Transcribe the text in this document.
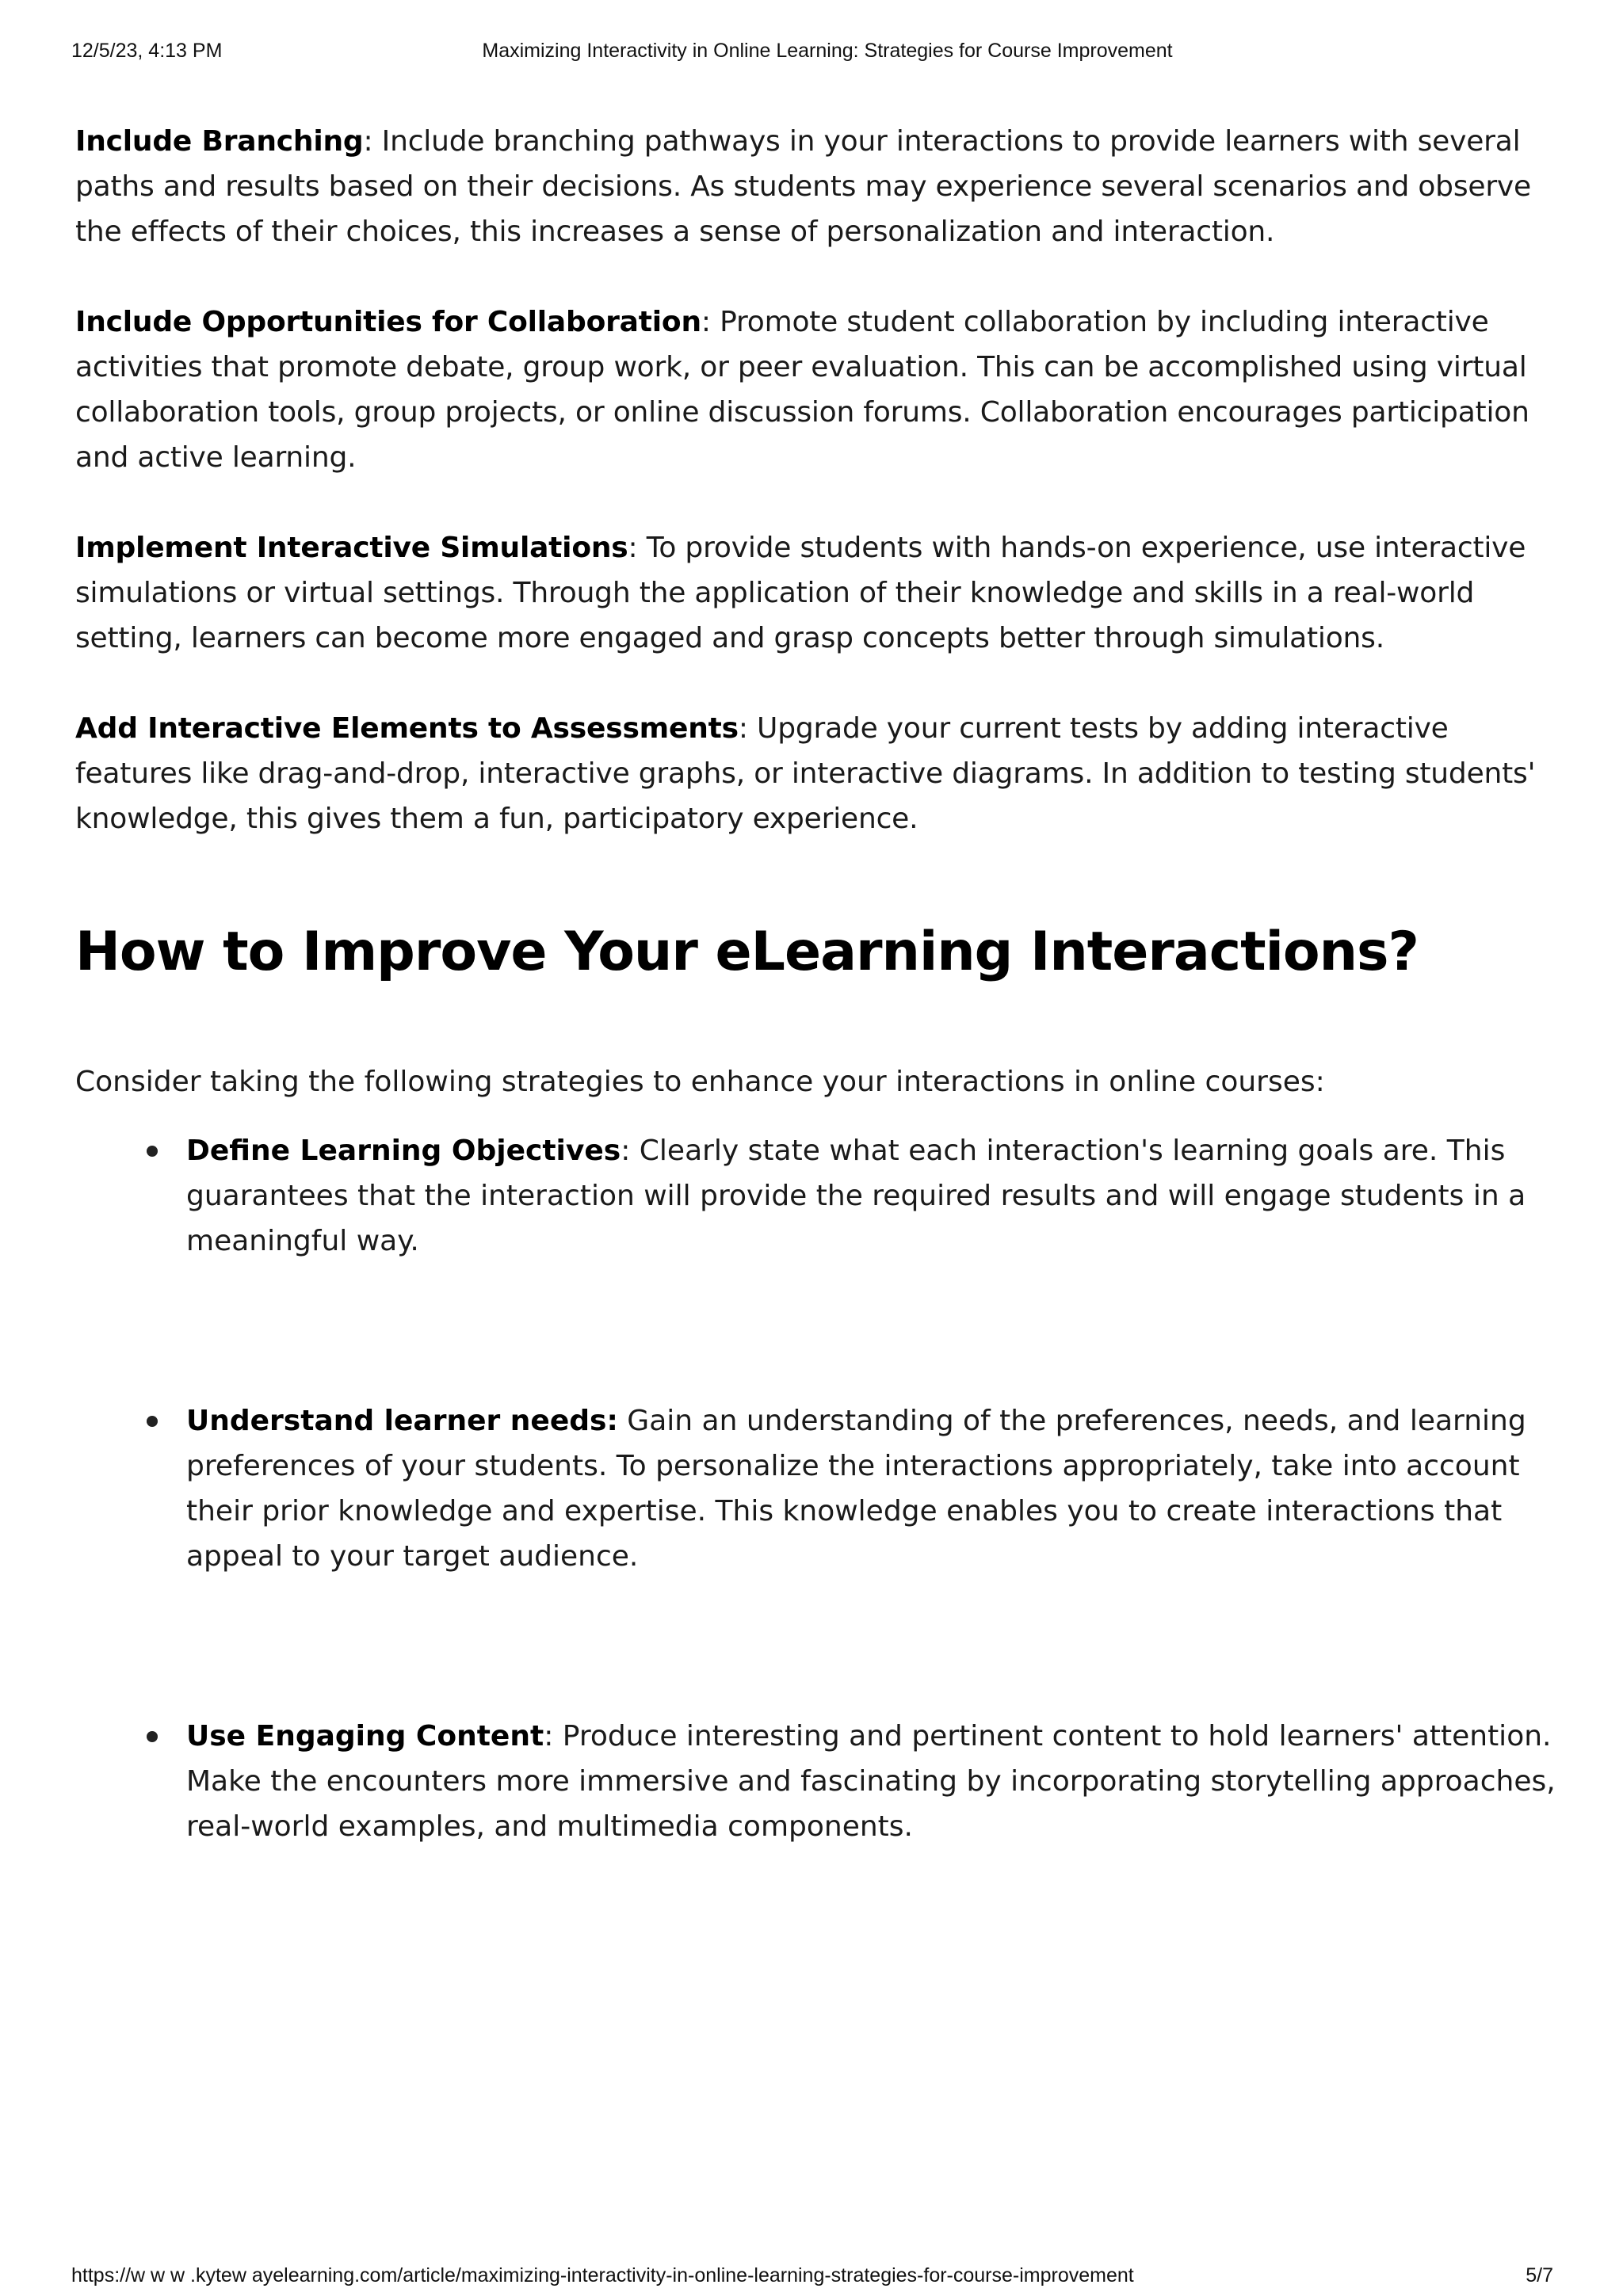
12/5/23, 4:13 PM	Maximizing Interactivity in Online Learning: Strategies for Course Improvement

Include Branching: Include branching pathways in your interactions to provide learners with several paths and results based on their decisions. As students may experience several scenarios and observe the effects of their choices, this increases a sense of personalization and interaction.

Include Opportunities for Collaboration: Promote student collaboration by including interactive activities that promote debate, group work, or peer evaluation. This can be accomplished using virtual collaboration tools, group projects, or online discussion forums. Collaboration encourages participation and active learning.

Implement Interactive Simulations: To provide students with hands-on experience, use interactive simulations or virtual settings. Through the application of their knowledge and skills in a real-world setting, learners can become more engaged and grasp concepts better through simulations.

Add Interactive Elements to Assessments: Upgrade your current tests by adding interactive features like drag-and-drop, interactive graphs, or interactive diagrams. In addition to testing students' knowledge, this gives them a fun, participatory experience.

How to Improve Your eLearning Interactions?

Consider taking the following strategies to enhance your interactions in online courses:

Define Learning Objectives: Clearly state what each interaction's learning goals are. This guarantees that the interaction will provide the required results and will engage students in a meaningful way.
Understand learner needs: Gain an understanding of the preferences, needs, and learning preferences of your students. To personalize the interactions appropriately, take into account their prior knowledge and expertise. This knowledge enables you to create interactions that appeal to your target audience.
Use Engaging Content: Produce interesting and pertinent content to hold learners' attention. Make the encounters more immersive and fascinating by incorporating storytelling approaches, real-world examples, and multimedia components.
https://w w w .kytew ayelearning.com/article/maximizing-interactivity-in-online-learning-strategies-for-course-improvement	5/7
